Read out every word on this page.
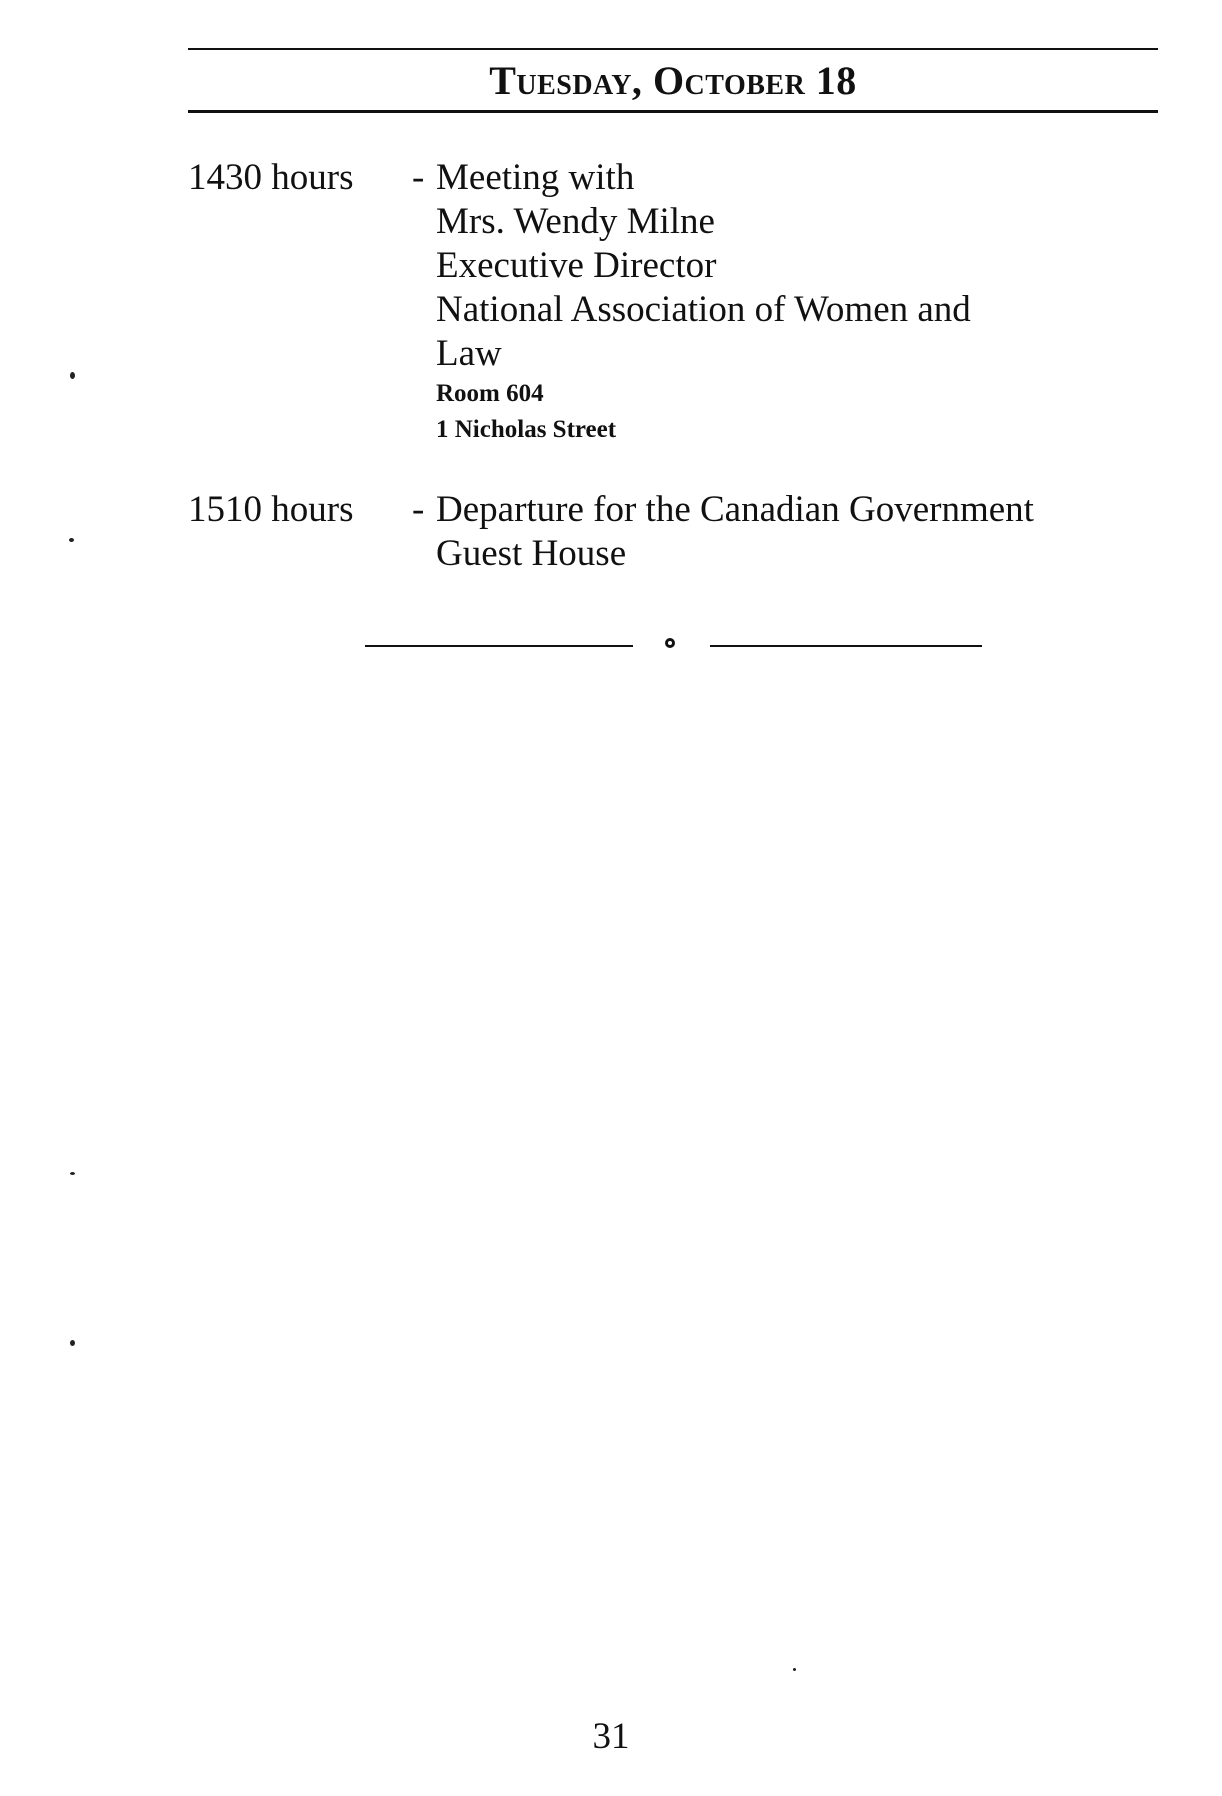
Tuesday, October 18
1430 hours - Meeting with
Mrs. Wendy Milne
Executive Director
National Association of Women and
Law
Room 604
1 Nicholas Street
1510 hours - Departure for the Canadian Government
Guest House
31
